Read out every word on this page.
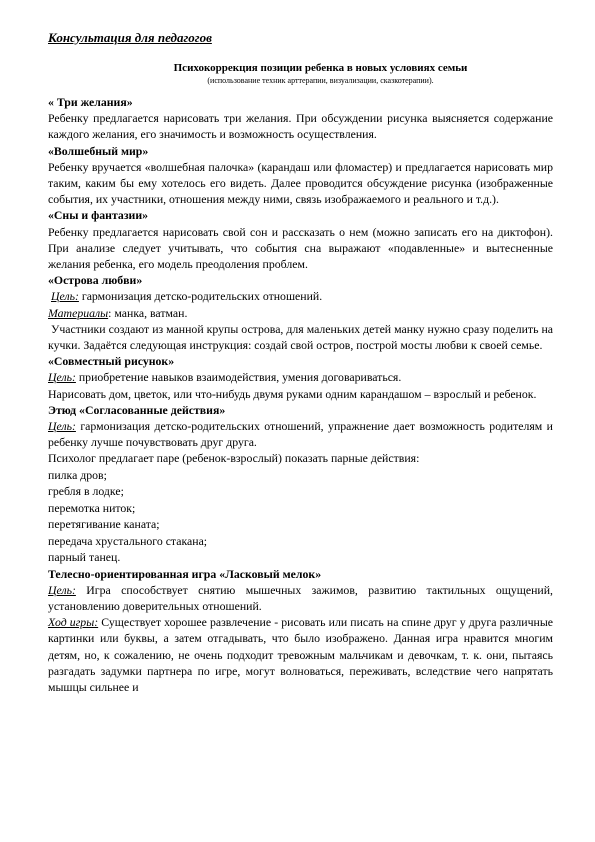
Консультация для педагогов
Психокоррекция позиции ребенка в новых условиях семьи
(использование техник арттерапии, визуализации, сказкотерапии).
« Три желания»
Ребенку предлагается нарисовать три желания. При обсуждении рисунка выясняется содержание каждого желания, его значимость и возможность осуществления.
«Волшебный мир»
Ребенку вручается «волшебная палочка» (карандаш или фломастер) и предлагается нарисовать мир таким, каким бы ему хотелось его видеть. Далее проводится обсуждение рисунка (изображенные события, их участники, отношения между ними, связь изображаемого и реального и т.д.).
«Сны и фантазии»
Ребенку предлагается нарисовать свой сон и рассказать о нем (можно записать его на диктофон). При анализе следует учитывать, что события сна выражают «подавленные» и вытесненные желания ребенка, его модель преодоления проблем.
«Острова любви»
Цель: гармонизация детско-родительских отношений.
Материалы: манка, ватман.
Участники создают из манной крупы острова, для маленьких детей манку нужно сразу поделить на кучки. Задаётся следующая инструкция: создай свой остров, построй мосты любви к своей семье.
«Совместный рисунок»
Цель: приобретение навыков взаимодействия, умения договариваться.
Нарисовать дом, цветок, или что-нибудь двумя руками одним карандашом – взрослый и ребенок.
Этюд «Согласованные действия»
Цель: гармонизация детско-родительских отношений, упражнение дает возможность родителям и ребенку лучше почувствовать друг друга.
Психолог предлагает паре (ребенок-взрослый) показать парные действия:
пилка дров;
гребля в лодке;
перемотка ниток;
перетягивание каната;
передача хрустального стакана;
парный танец.
Телесно-ориентированная игра «Ласковый мелок»
Цель: Игра способствует снятию мышечных зажимов, развитию тактильных ощущений, установлению доверительных отношений.
Ход игры: Существует хорошее развлечение - рисовать или писать на спине друг у друга различные картинки или буквы, а затем отгадывать, что было изображено. Данная игра нравится многим детям, но, к сожалению, не очень подходит тревожным мальчикам и девочкам, т. к. они, пытаясь разгадать задумки партнера по игре, могут волноваться, переживать, вследствие чего напрятать мышцы сильнее и
